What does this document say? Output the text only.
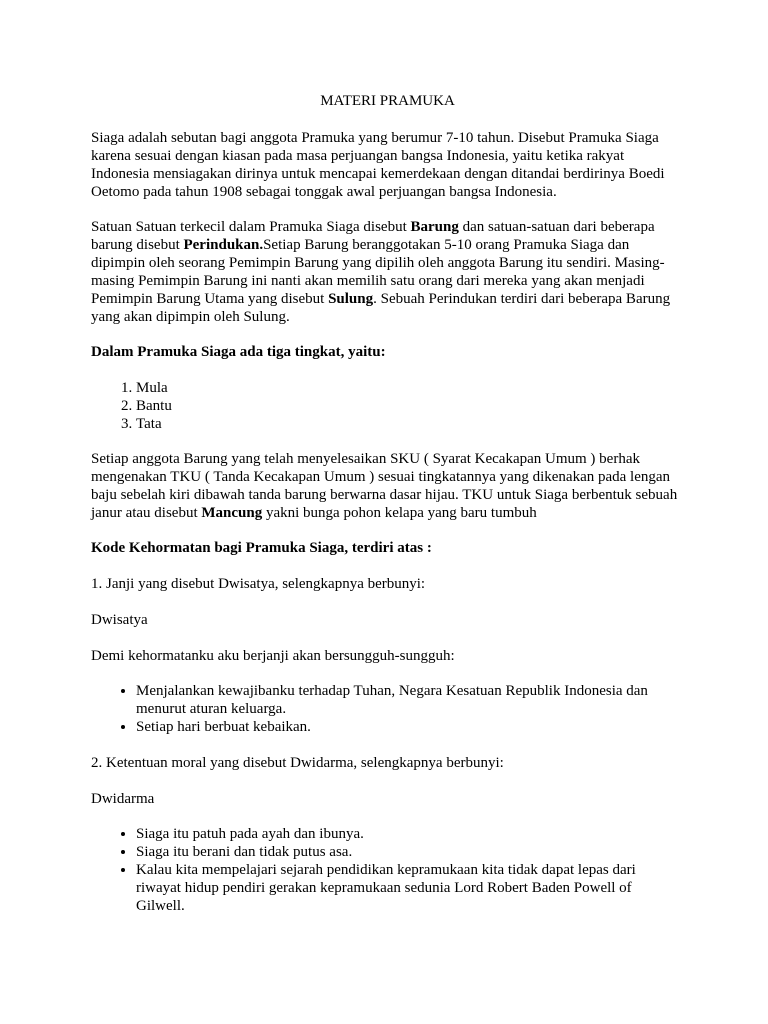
MATERI PRAMUKA

Siaga adalah sebutan bagi anggota Pramuka yang berumur 7-10 tahun. Disebut Pramuka Siaga karena sesuai dengan kiasan pada masa perjuangan bangsa Indonesia, yaitu ketika rakyat Indonesia mensiagakan dirinya untuk mencapai kemerdekaan dengan ditandai berdirinya Boedi Oetomo pada tahun 1908 sebagai tonggak awal perjuangan bangsa Indonesia.

Satuan Satuan terkecil dalam Pramuka Siaga disebut Barung dan satuan-satuan dari beberapa barung disebut Perindukan.Setiap Barung beranggotakan 5-10 orang Pramuka Siaga dan dipimpin oleh seorang Pemimpin Barung yang dipilih oleh anggota Barung itu sendiri. Masing-masing Pemimpin Barung ini nanti akan memilih satu orang dari mereka yang akan menjadi Pemimpin Barung Utama yang disebut Sulung. Sebuah Perindukan terdiri dari beberapa Barung yang akan dipimpin oleh Sulung.

Dalam Pramuka Siaga ada tiga tingkat, yaitu:

1. Mula
2. Bantu
3. Tata

Setiap anggota Barung yang telah menyelesaikan SKU ( Syarat Kecakapan Umum ) berhak mengenakan TKU ( Tanda Kecakapan Umum ) sesuai tingkatannya yang dikenakan pada lengan baju sebelah kiri dibawah tanda barung berwarna dasar hijau. TKU untuk Siaga berbentuk sebuah janur atau disebut Mancung yakni bunga pohon kelapa yang baru tumbuh

Kode Kehormatan bagi Pramuka Siaga, terdiri atas :

1. Janji yang disebut Dwisatya, selengkapnya berbunyi:

Dwisatya

Demi kehormatanku aku berjanji akan bersungguh-sungguh:

• Menjalankan kewajibanku terhadap Tuhan, Negara Kesatuan Republik Indonesia dan menurut aturan keluarga.
• Setiap hari berbuat kebaikan.

2. Ketentuan moral yang disebut Dwidarma, selengkapnya berbunyi:

Dwidarma

• Siaga itu patuh pada ayah dan ibunya.
• Siaga itu berani dan tidak putus asa.
• Kalau kita mempelajari sejarah pendidikan kepramukaan kita tidak dapat lepas dari riwayat hidup pendiri gerakan kepramukaan sedunia Lord Robert Baden Powell of Gilwell.
